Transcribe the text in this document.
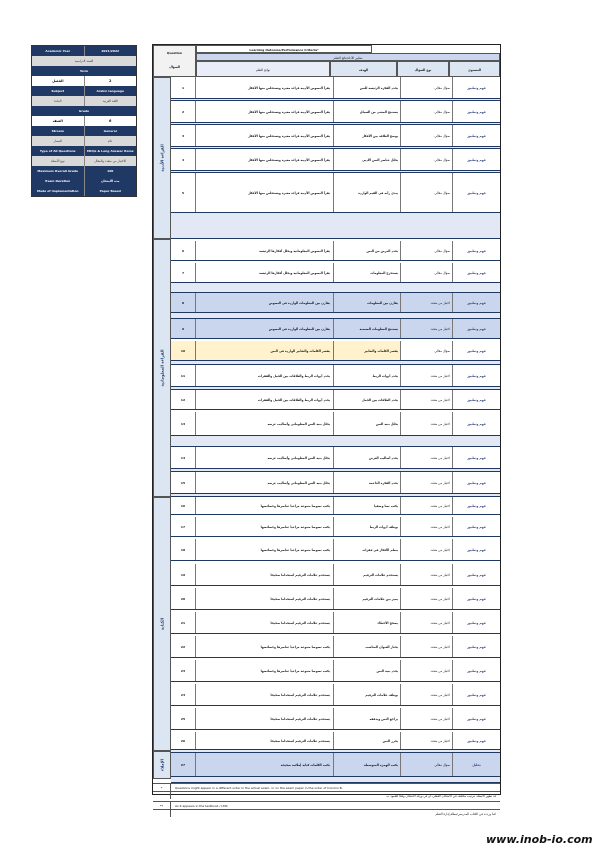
Academic Year	2021/2022
السنة الدراسية
Term
الفصل	2
Subject	Arabic language
المادة	اللغة العربية
Grade
الصف	6
Stream	General
المسار	عام
Type of All Questions	MCQs & Long Answer Items
نوع الأسئلة	الاختيار من متعدد والمقال
Maximum Overall Grade	100
Exam Duration	مدة الامتحان
Mode of Implementation	Paper Based
Question
السؤال
Learning Outcome/Performance Criteria*
معايير الأداء/نتائج التعلم
نواتج التعلم	الهدف	نوع السؤال	المستوى
القراءة الأدبية
القراءة المعلوماتية
الكتابة
الإملاء
1	يقرأ النصوص الأدبية قراءة معبرة ويستخلص منها الأفكار	يحدد الفكرة الرئيسة للنص	سؤال مقالي	فهم وتطبيق
2	يقرأ النصوص الأدبية قراءة معبرة ويستخلص منها الأفكار	يستنتج المعنى من السياق	سؤال مقالي	فهم وتطبيق
3	يقرأ النصوص الأدبية قراءة معبرة ويستخلص منها الأفكار	يوضح العلاقة بين الأفكار	سؤال مقالي	فهم وتطبيق
4	يقرأ النصوص الأدبية قراءة معبرة ويستخلص منها الأفكار	يحلل عناصر النص الأدبي	سؤال مقالي	فهم وتطبيق
5	يقرأ النصوص الأدبية قراءة معبرة ويستخلص منها الأفكار	يبدي رأيه في القيم الواردة	سؤال مقالي	فهم وتطبيق
6	يقرأ النصوص المعلوماتية ويحلل أفكارها الرئيسة	يحدد الغرض من النص	سؤال مقالي	فهم وتطبيق
7	يقرأ النصوص المعلوماتية ويحلل أفكارها الرئيسة	يستخرج المعلومات	سؤال مقالي	فهم وتطبيق
8	يقارن بين المعلومات الواردة في النصوص	يقارن بين المعلومات	اختيار من متعدد	فهم وتطبيق
9	يقارن بين المعلومات الواردة في النصوص	يستنتج المعلومات الضمنية	اختيار من متعدد	فهم وتطبيق
10	يفسر الكلمات والتعابير الواردة في النص	يفسر الكلمات والتعابير	سؤال مقالي	فهم وتطبيق
11	يحدد أدوات الربط والعلاقات بين الجمل والفقرات	يحدد أدوات الربط	اختيار من متعدد	فهم وتطبيق
12	يحدد أدوات الربط والعلاقات بين الجمل والفقرات	يحدد العلاقات بين الجمل	اختيار من متعدد	فهم وتطبيق
13	يحلل بنية النص المعلوماتي وأساليب عرضه	يحلل بنية النص	اختيار من متعدد	فهم وتطبيق
14	يحلل بنية النص المعلوماتي وأساليب عرضه	يحدد أساليب العرض	اختيار من متعدد	فهم وتطبيق
15	يحلل بنية النص المعلوماتي وأساليب عرضه	يحدد الفكرة الداعمة	اختيار من متعدد	فهم وتطبيق
16	يكتب نصوصا متنوعة مراعيا عناصرها وخصائصها	يكتب نصا وصفيا	اختيار من متعدد	فهم وتطبيق
17	يكتب نصوصا متنوعة مراعيا عناصرها وخصائصها	يوظف أدوات الربط	اختيار من متعدد	فهم وتطبيق
18	يكتب نصوصا متنوعة مراعيا عناصرها وخصائصها	ينظم الأفكار في فقرات	اختيار من متعدد	فهم وتطبيق
19	يستخدم علامات الترقيم استخداما صحيحا	يستخدم علامات الترقيم	اختيار من متعدد	فهم وتطبيق
20	يستخدم علامات الترقيم استخداما صحيحا	يميز بين علامات الترقيم	اختيار من متعدد	فهم وتطبيق
21	يستخدم علامات الترقيم استخداما صحيحا	يصحح الأخطاء	اختيار من متعدد	فهم وتطبيق
22	يكتب نصوصا متنوعة مراعيا عناصرها وخصائصها	يختار العنوان المناسب	اختيار من متعدد	فهم وتطبيق
23	يكتب نصوصا متنوعة مراعيا عناصرها وخصائصها	يحدد بنية النص	اختيار من متعدد	فهم وتطبيق
24	يستخدم علامات الترقيم استخداما صحيحا	يوظف علامات الترقيم	اختيار من متعدد	فهم وتطبيق
25	يستخدم علامات الترقيم استخداما صحيحا	يراجع النص ويدققه	اختيار من متعدد	فهم وتطبيق
26	يستخدم علامات الترقيم استخداما صحيحا	يحرر النص	اختيار من متعدد	فهم وتطبيق
27	يكتب الكلمات كتابة إملائية صحيحة	يكتب الهمزة المتوسطة	سؤال مقالي	تحليل
*	Questions might appear in a different order in the actual exam, or on the exam paper in the order of Column B.
قد تظهر الأسئلة بترتيب مختلف في الامتحان الفعلي، أو في ورقة الامتحان وفقا للعمود ب
**	As it appears in the textbook / LMS
كما وردت في الكتاب المدرسي/نظام إدارة التعلم
www.inob-io.com
